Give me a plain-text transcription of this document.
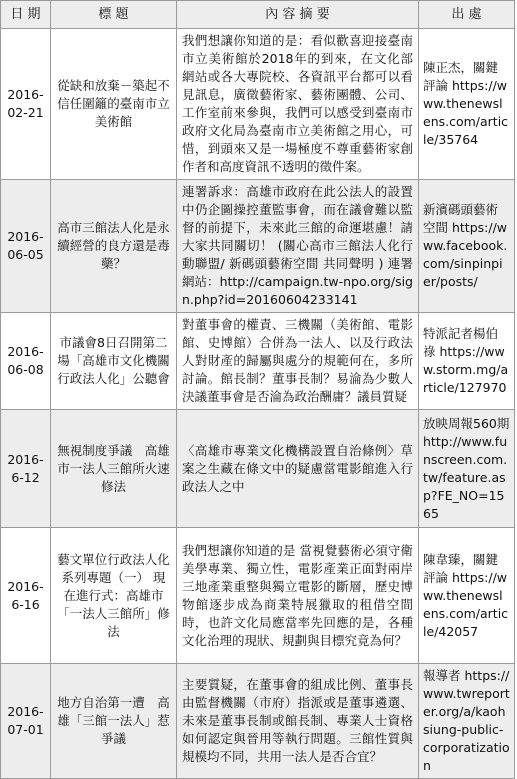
日 期	標 題	內 容 摘 要	出 處
2016-02-21	從缺和放棄－築起不信任圍籬的臺南市立美術館	我們想讓你知道的是：看似歡喜迎接臺南市立美術館於2018年的到來，在文化部網站或各大專院校、各資訊平台都可以看見訊息，廣徵藝術家、藝術團體、公司、工作室前來參與，我們可以感受到臺南市政府文化局為臺南市立美術館之用心，可惜，到頭來又是一場極度不尊重藝術家創作者和高度資訊不透明的徵件案。	陳正杰，關鍵評論 https://www.thenewslens.com/article/35764
2016-06-05	高市三館法人化是永續經營的良方還是毒藥？	連署訴求：高雄市政府在此公法人的設置中仍企圖操控董監事會，而在議會難以監督的前提下，未來此三館的命運堪慮！請大家共同關切！ (關心高市三館法人化行動聯盟/ 新碼頭藝術空間 共同聲明 ) 連署網站：http://campaign.tw-npo.org/sign.php?id=20160604233141	新濱碼頭藝術空間 https://www.facebook.com/sinpinpier/posts/
2016-06-08	市議會8日召開第二場「高雄市文化機關行政法人化」公聽會	對董事會的權責、三機關（美術館、電影館、史博館）合併為一法人、以及行政法人對財產的歸屬與處分的規範何在，多所討論。館長制？董事長制？易淪為少數人決議董事會是否淪為政治酬庸？議員質疑	特派記者楊伯祿 https://www.storm.mg/article/127970
2016-6-12	無視制度爭議　高雄市一法人三館所火速修法	〈高雄市專業文化機構設置自治條例〉草案之生藏在條文中的疑慮當電影館進入行政法人之中	放映周報560期 http://www.funscreen.com.tw/feature.asp?FE_NO=1565
2016-6-16	藝文單位行政法人化系列專題（一） 現在進行式：高雄市「一法人三館所」修法	我們想讓你知道的是 當視覺藝術必須守衛美學專業、獨立性，電影產業正面對兩岸三地產業重整與獨立電影的斷層，歷史博物館逐步成為商業特展獵取的租借空間時，也許文化局應當率先回應的是，各種文化治理的現狀、規劃與目標究竟為何？	陳韋臻，關鍵評論 https://www.thenewslens.com/article/42057
2016-07-01	地方自治第一遭　高雄「三館一法人」惹爭議	主要質疑，在董事會的組成比例、董事長由監督機關（市府）指派或是董事遴選、未來是董事長制或館長制、專業人士資格如何認定與晉用等執行問題。三館性質與規模均不同，共用一法人是否合宜？	報導者 https://www.twreporter.org/a/kaohsiung-public-corporatization
